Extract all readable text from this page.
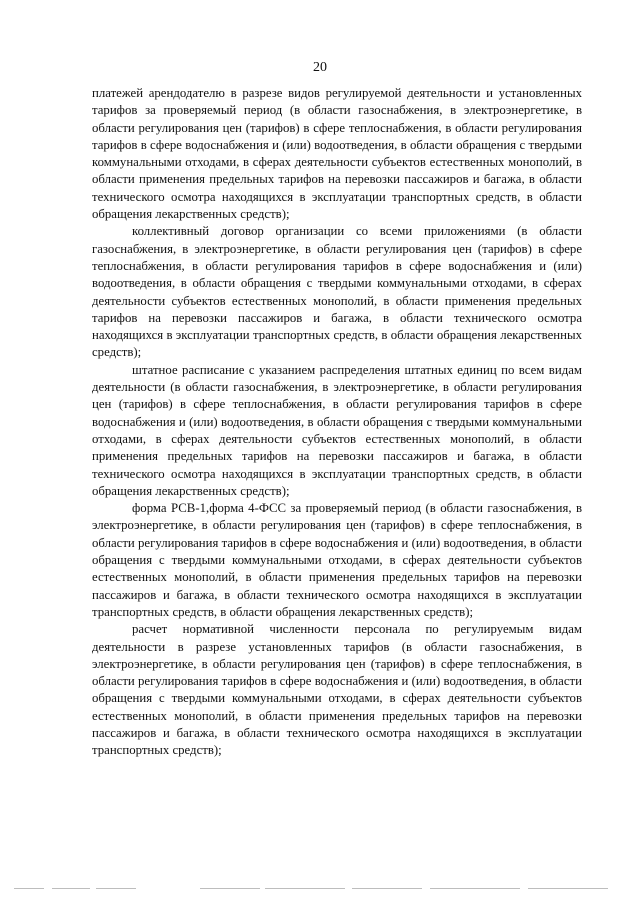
20

платежей арендодателю в разрезе видов регулируемой деятельности и установленных тарифов за проверяемый период (в области газоснабжения, в электроэнергетике, в области регулирования цен (тарифов) в сфере теплоснабжения, в области регулирования тарифов в сфере водоснабжения и (или) водоотведения, в области обращения с твердыми коммунальными отходами, в сферах деятельности субъектов естественных монополий, в области применения предельных тарифов на перевозки пассажиров и багажа, в области технического осмотра находящихся в эксплуатации транспортных средств, в области обращения лекарственных средств);

коллективный договор организации со всеми приложениями (в области газоснабжения, в электроэнергетике, в области регулирования цен (тарифов) в сфере теплоснабжения, в области регулирования тарифов в сфере водоснабжения и (или) водоотведения, в области обращения с твердыми коммунальными отходами, в сферах деятельности субъектов естественных монополий, в области применения предельных тарифов на перевозки пассажиров и багажа, в области технического осмотра находящихся в эксплуатации транспортных средств, в области обращения лекарственных средств);

штатное расписание с указанием распределения штатных единиц по всем видам деятельности (в области газоснабжения, в электроэнергетике, в области регулирования цен (тарифов) в сфере теплоснабжения, в области регулирования тарифов в сфере водоснабжения и (или) водоотведения, в области обращения с твердыми коммунальными отходами, в сферах деятельности субъектов естественных монополий, в области применения предельных тарифов на перевозки пассажиров и багажа, в области технического осмотра находящихся в эксплуатации транспортных средств, в области обращения лекарственных средств);

форма РСВ-1,форма 4-ФСС за проверяемый период (в области газоснабжения, в электроэнергетике, в области регулирования цен (тарифов) в сфере теплоснабжения, в области регулирования тарифов в сфере водоснабжения и (или) водоотведения, в области обращения с твердыми коммунальными отходами, в сферах деятельности субъектов естественных монополий, в области применения предельных тарифов на перевозки пассажиров и багажа, в области технического осмотра находящихся в эксплуатации транспортных средств, в области обращения лекарственных средств);

расчет нормативной численности персонала по регулируемым видам деятельности в разрезе установленных тарифов (в области газоснабжения, в электроэнергетике, в области регулирования цен (тарифов) в сфере теплоснабжения, в области регулирования тарифов в сфере водоснабжения и (или) водоотведения, в области обращения с твердыми коммунальными отходами, в сферах деятельности субъектов естественных монополий, в области применения предельных тарифов на перевозки пассажиров и багажа, в области технического осмотра находящихся в эксплуатации транспортных средств);
